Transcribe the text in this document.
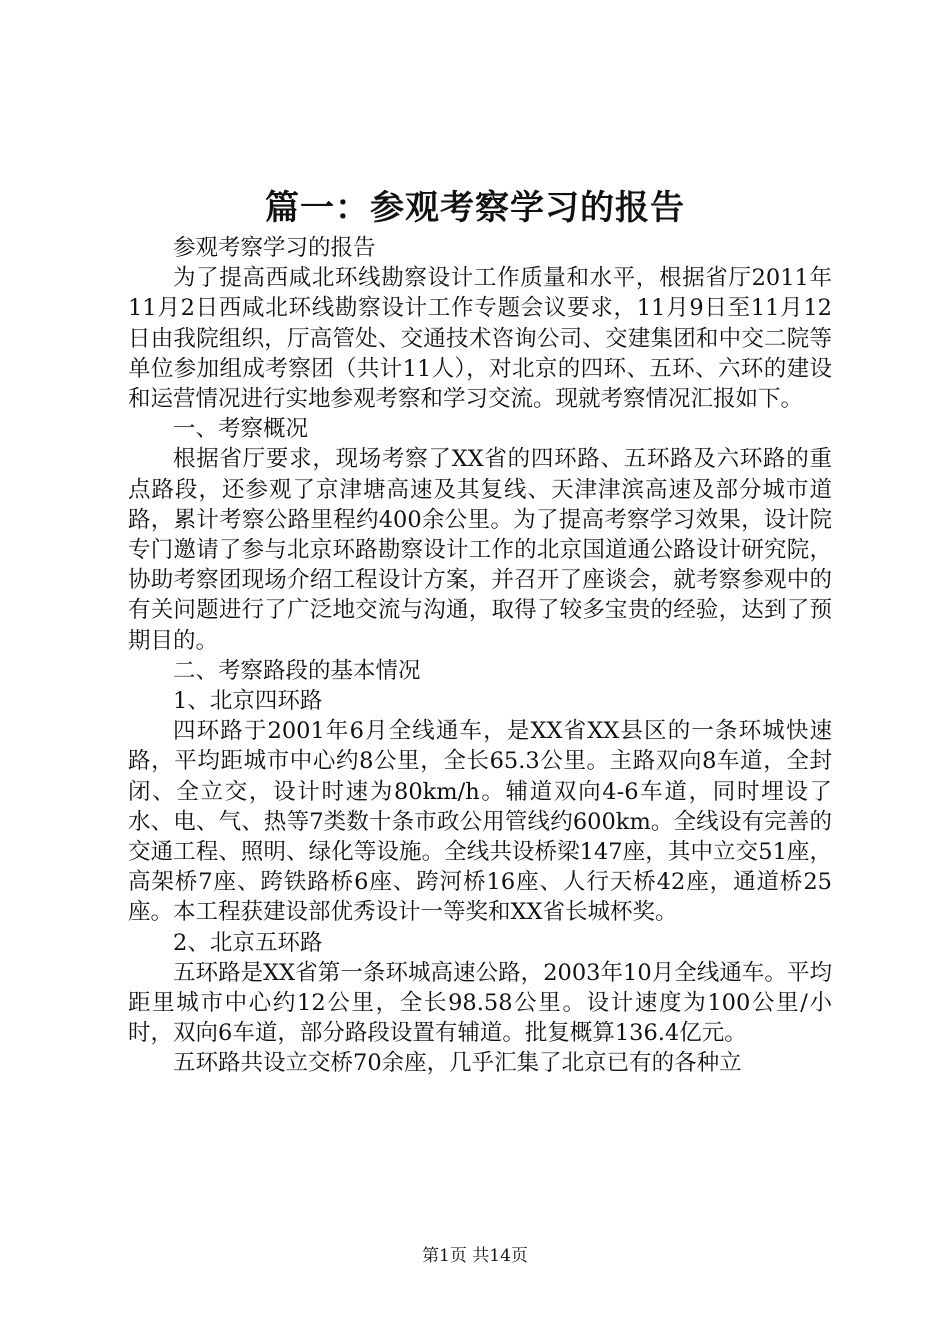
篇一：参观考察学习的报告

参观考察学习的报告

为了提高西咸北环线勘察设计工作质量和水平，根据省厅2011年11月2日西咸北环线勘察设计工作专题会议要求，11月9日至11月12日由我院组织，厅高管处、交通技术咨询公司、交建集团和中交二院等单位参加组成考察团（共计11人），对北京的四环、五环、六环的建设和运营情况进行实地参观考察和学习交流。现就考察情况汇报如下。

一、考察概况

根据省厅要求，现场考察了XX省的四环路、五环路及六环路的重点路段，还参观了京津塘高速及其复线、天津津滨高速及部分城市道路，累计考察公路里程约400余公里。为了提高考察学习效果，设计院专门邀请了参与北京环路勘察设计工作的北京国道通公路设计研究院，协助考察团现场介绍工程设计方案，并召开了座谈会，就考察参观中的有关问题进行了广泛地交流与沟通，取得了较多宝贵的经验，达到了预期目的。

二、考察路段的基本情况

1、北京四环路

四环路于2001年6月全线通车，是XX省XX县区的一条环城快速路，平均距城市中心约8公里，全长65.3公里。主路双向8车道，全封闭、全立交，设计时速为80km/h。辅道双向4-6车道，同时埋设了水、电、气、热等7类数十条市政公用管线约600km。全线设有完善的交通工程、照明、绿化等设施。全线共设桥梁147座，其中立交51座，高架桥7座、跨铁路桥6座、跨河桥16座、人行天桥42座，通道桥25座。本工程获建设部优秀设计一等奖和XX省长城杯奖。

2、北京五环路

五环路是XX省第一条环城高速公路，2003年10月全线通车。平均距里城市中心约12公里，全长98.58公里。设计速度为100公里/小时，双向6车道，部分路段设置有辅道。批复概算136.4亿元。

五环路共设立交桥70余座，几乎汇集了北京已有的各种立

第1页 共14页
